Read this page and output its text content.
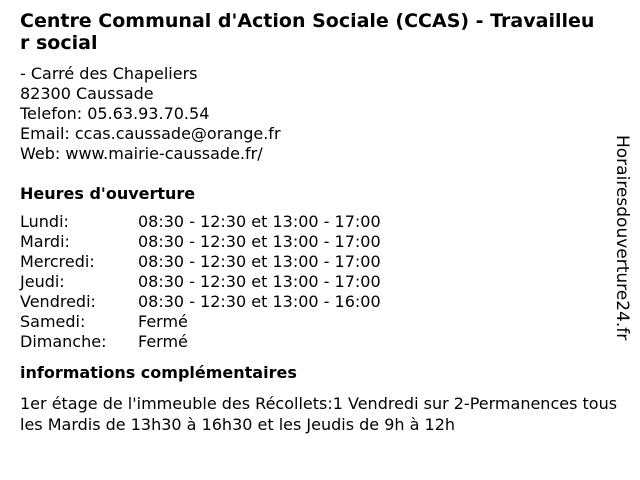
Centre Communal d'Action Sociale (CCAS) - Travailleur social
- Carré des Chapeliers
82300 Caussade
Telefon: 05.63.93.70.54
Email: ccas.caussade@orange.fr
Web: www.mairie-caussade.fr/
Heures d'ouverture
Lundi:	08:30 - 12:30 et 13:00 - 17:00
Mardi:	08:30 - 12:30 et 13:00 - 17:00
Mercredi:	08:30 - 12:30 et 13:00 - 17:00
Jeudi:	08:30 - 12:30 et 13:00 - 17:00
Vendredi:	08:30 - 12:30 et 13:00 - 16:00
Samedi:	Fermé
Dimanche:	Fermé
informations complémentaires
1er étage de l'immeuble des Récollets:1 Vendredi sur 2-Permanences tous les Mardis de 13h30 à 16h30 et les Jeudis de 9h à 12h
Horairesdouverture24.fr
